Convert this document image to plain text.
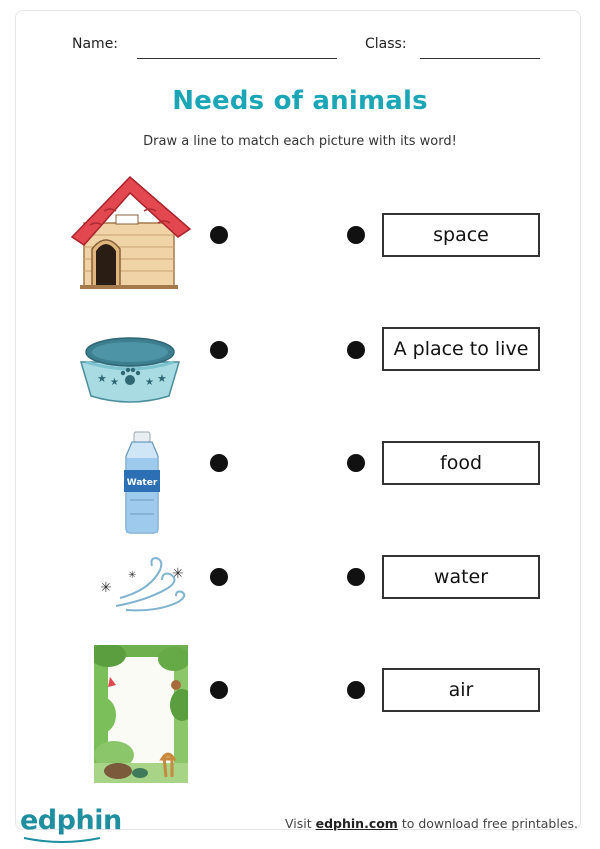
Name:	Class:
Needs of animals
Draw a line to match each picture with its word!
★ ★	★ ★
Water
✳
✳	✳
space
A place to live
food
water
air
edphin	Visit edphin.com to download free printables.
